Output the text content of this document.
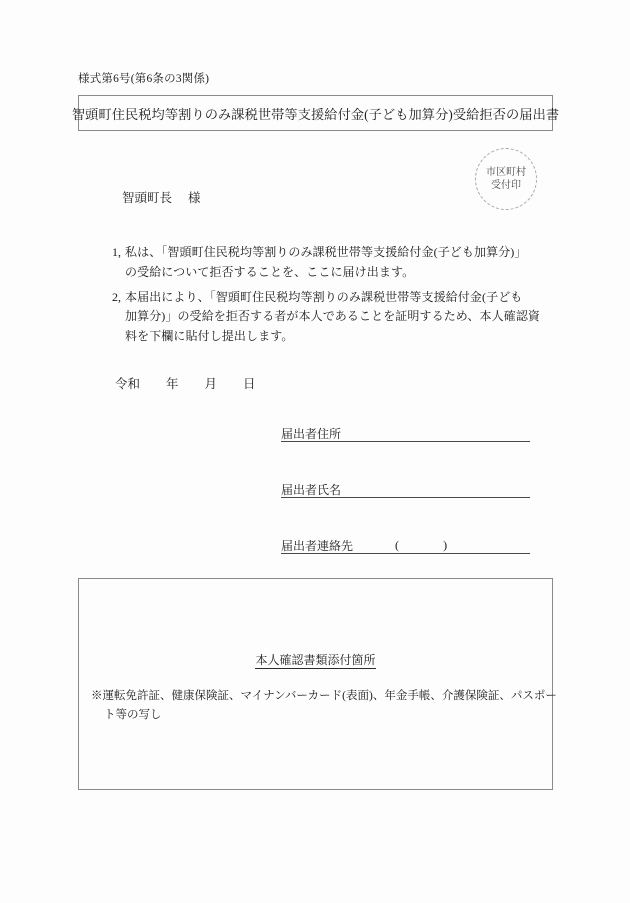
様式第6号(第6条の3関係)
智頭町住民税均等割りのみ課税世帯等支援給付金(子ども加算分)受給拒否の届出書
市区町村
受付印
智頭町長 様
1, 私は、「智頭町住民税均等割りのみ課税世帯等支援給付金(子ども加算分)」
の受給について拒否することを、ここに届け出ます。
2, 本届出により、「智頭町住民税均等割りのみ課税世帯等支援給付金(子ども
加算分)」の受給を拒否する者が本人であることを証明するため、本人確認資
料を下欄に貼付し提出します。
令和 年 月 日
届出者住所
届出者氏名
届出者連絡先	(	)
本人確認書類添付箇所
※運転免許証、健康保険証、マイナンバーカード(表面)、年金手帳、介護保険証、パスポー
ト等の写し
